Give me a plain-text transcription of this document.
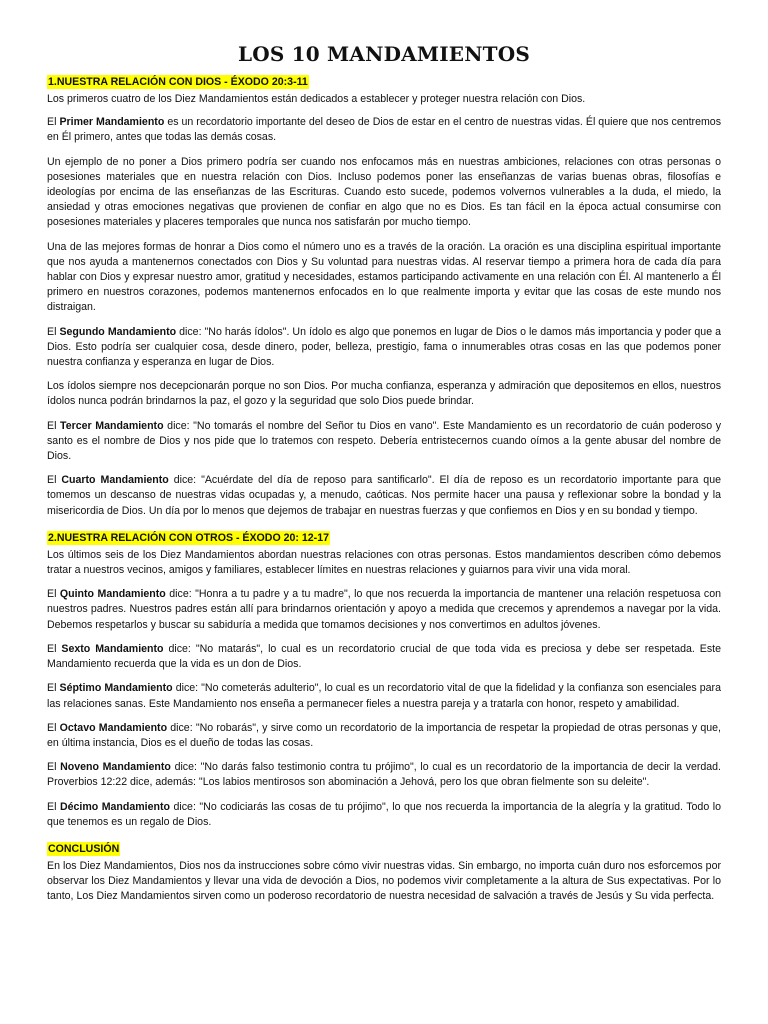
LOS 10 MANDAMIENTOS
1.NUESTRA RELACIÓN CON DIOS - ÉXODO 20:3-11

Los primeros cuatro de los Diez Mandamientos están dedicados a establecer y proteger nuestra relación con Dios.

El Primer Mandamiento es un recordatorio importante del deseo de Dios de estar en el centro de nuestras vidas. Él quiere que nos centremos en Él primero, antes que todas las demás cosas.

Un ejemplo de no poner a Dios primero podría ser cuando nos enfocamos más en nuestras ambiciones, relaciones con otras personas o posesiones materiales que en nuestra relación con Dios. Incluso podemos poner las enseñanzas de varias buenas obras, filosofías e ideologías por encima de las enseñanzas de las Escrituras. Cuando esto sucede, podemos volvernos vulnerables a la duda, el miedo, la ansiedad y otras emociones negativas que provienen de confiar en algo que no es Dios. Es tan fácil en la época actual consumirse con posesiones materiales y placeres temporales que nunca nos satisfarán por mucho tiempo.

Una de las mejores formas de honrar a Dios como el número uno es a través de la oración. La oración es una disciplina espiritual importante que nos ayuda a mantenernos conectados con Dios y Su voluntad para nuestras vidas. Al reservar tiempo a primera hora de cada día para hablar con Dios y expresar nuestro amor, gratitud y necesidades, estamos participando activamente en una relación con Él. Al mantenerlo a Él primero en nuestros corazones, podemos mantenernos enfocados en lo que realmente importa y evitar que las cosas de este mundo nos distraigan.

El Segundo Mandamiento dice: "No harás ídolos". Un ídolo es algo que ponemos en lugar de Dios o le damos más importancia y poder que a Dios. Esto podría ser cualquier cosa, desde dinero, poder, belleza, prestigio, fama o innumerables otras cosas en las que podemos poner nuestra confianza y esperanza en lugar de Dios.

Los ídolos siempre nos decepcionarán porque no son Dios. Por mucha confianza, esperanza y admiración que depositemos en ellos, nuestros ídolos nunca podrán brindarnos la paz, el gozo y la seguridad que solo Dios puede brindar.

El Tercer Mandamiento dice: "No tomarás el nombre del Señor tu Dios en vano". Este Mandamiento es un recordatorio de cuán poderoso y santo es el nombre de Dios y nos pide que lo tratemos con respeto. Debería entristecernos cuando oímos a la gente abusar del nombre de Dios.

El Cuarto Mandamiento dice: "Acuérdate del día de reposo para santificarlo". El día de reposo es un recordatorio importante para que tomemos un descanso de nuestras vidas ocupadas y, a menudo, caóticas. Nos permite hacer una pausa y reflexionar sobre la bondad y la misericordia de Dios. Un día por lo menos que dejemos de trabajar en nuestras fuerzas y que confiemos en Dios y en su bondad y tiempo.

2.NUESTRA RELACIÓN CON OTROS - ÉXODO 20: 12-17

Los últimos seis de los Diez Mandamientos abordan nuestras relaciones con otras personas. Estos mandamientos describen cómo debemos tratar a nuestros vecinos, amigos y familiares, establecer límites en nuestras relaciones y guiarnos para vivir una vida moral.

El Quinto Mandamiento dice: "Honra a tu padre y a tu madre", lo que nos recuerda la importancia de mantener una relación respetuosa con nuestros padres. Nuestros padres están allí para brindarnos orientación y apoyo a medida que crecemos y aprendemos a navegar por la vida. Debemos respetarlos y buscar su sabiduría a medida que tomamos decisiones y nos convertimos en adultos jóvenes.

El Sexto Mandamiento dice: "No matarás", lo cual es un recordatorio crucial de que toda vida es preciosa y debe ser respetada. Este Mandamiento recuerda que la vida es un don de Dios.

El Séptimo Mandamiento dice: "No cometerás adulterio", lo cual es un recordatorio vital de que la fidelidad y la confianza son esenciales para las relaciones sanas. Este Mandamiento nos enseña a permanecer fieles a nuestra pareja y a tratarla con honor, respeto y amabilidad.

El Octavo Mandamiento dice: "No robarás", y sirve como un recordatorio de la importancia de respetar la propiedad de otras personas y que, en última instancia, Dios es el dueño de todas las cosas.

El Noveno Mandamiento dice: "No darás falso testimonio contra tu prójimo", lo cual es un recordatorio de la importancia de decir la verdad. Proverbios 12:22 dice, además: "Los labios mentirosos son abominación a Jehová, pero los que obran fielmente son su deleite".

El Décimo Mandamiento dice: "No codiciarás las cosas de tu prójimo", lo que nos recuerda la importancia de la alegría y la gratitud. Todo lo que tenemos es un regalo de Dios.

CONCLUSIÓN

En los Diez Mandamientos, Dios nos da instrucciones sobre cómo vivir nuestras vidas. Sin embargo, no importa cuán duro nos esforcemos por observar los Diez Mandamientos y llevar una vida de devoción a Dios, no podemos vivir completamente a la altura de Sus expectativas. Por lo tanto, Los Diez Mandamientos sirven como un poderoso recordatorio de nuestra necesidad de salvación a través de Jesús y Su vida perfecta.
